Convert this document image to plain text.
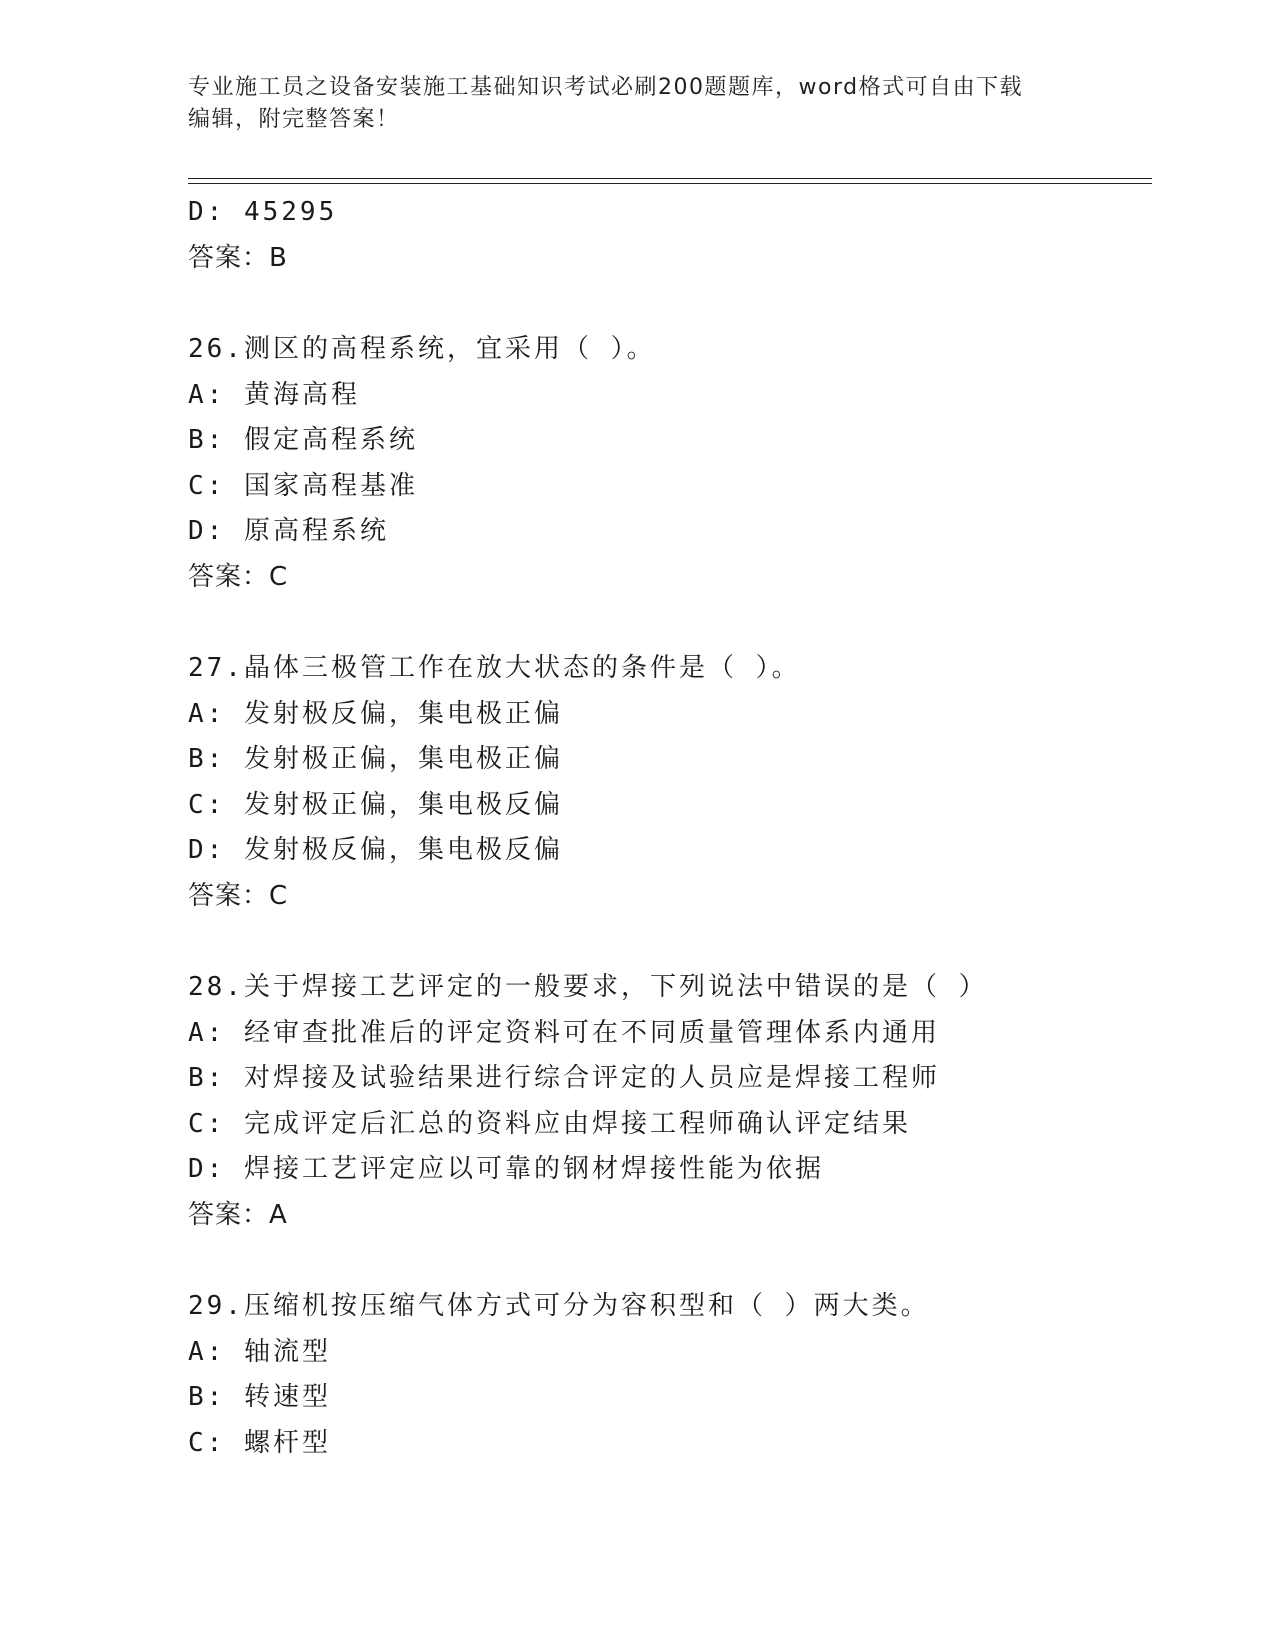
专业施工员之设备安装施工基础知识考试必刷200题题库，word格式可自由下载
编辑，附完整答案！
D: 45295
答案：B
26.测区的高程系统，宜采用（ ）。
A: 黄海高程
B: 假定高程系统
C: 国家高程基准
D: 原高程系统
答案：C
27.晶体三极管工作在放大状态的条件是（ ）。
A: 发射极反偏，集电极正偏
B: 发射极正偏，集电极正偏
C: 发射极正偏，集电极反偏
D: 发射极反偏，集电极反偏
答案：C
28.关于焊接工艺评定的一般要求，下列说法中错误的是（ ）
A: 经审查批准后的评定资料可在不同质量管理体系内通用
B: 对焊接及试验结果进行综合评定的人员应是焊接工程师
C: 完成评定后汇总的资料应由焊接工程师确认评定结果
D: 焊接工艺评定应以可靠的钢材焊接性能为依据
答案：A
29.压缩机按压缩气体方式可分为容积型和（ ）两大类。
A: 轴流型
B: 转速型
C: 螺杆型
